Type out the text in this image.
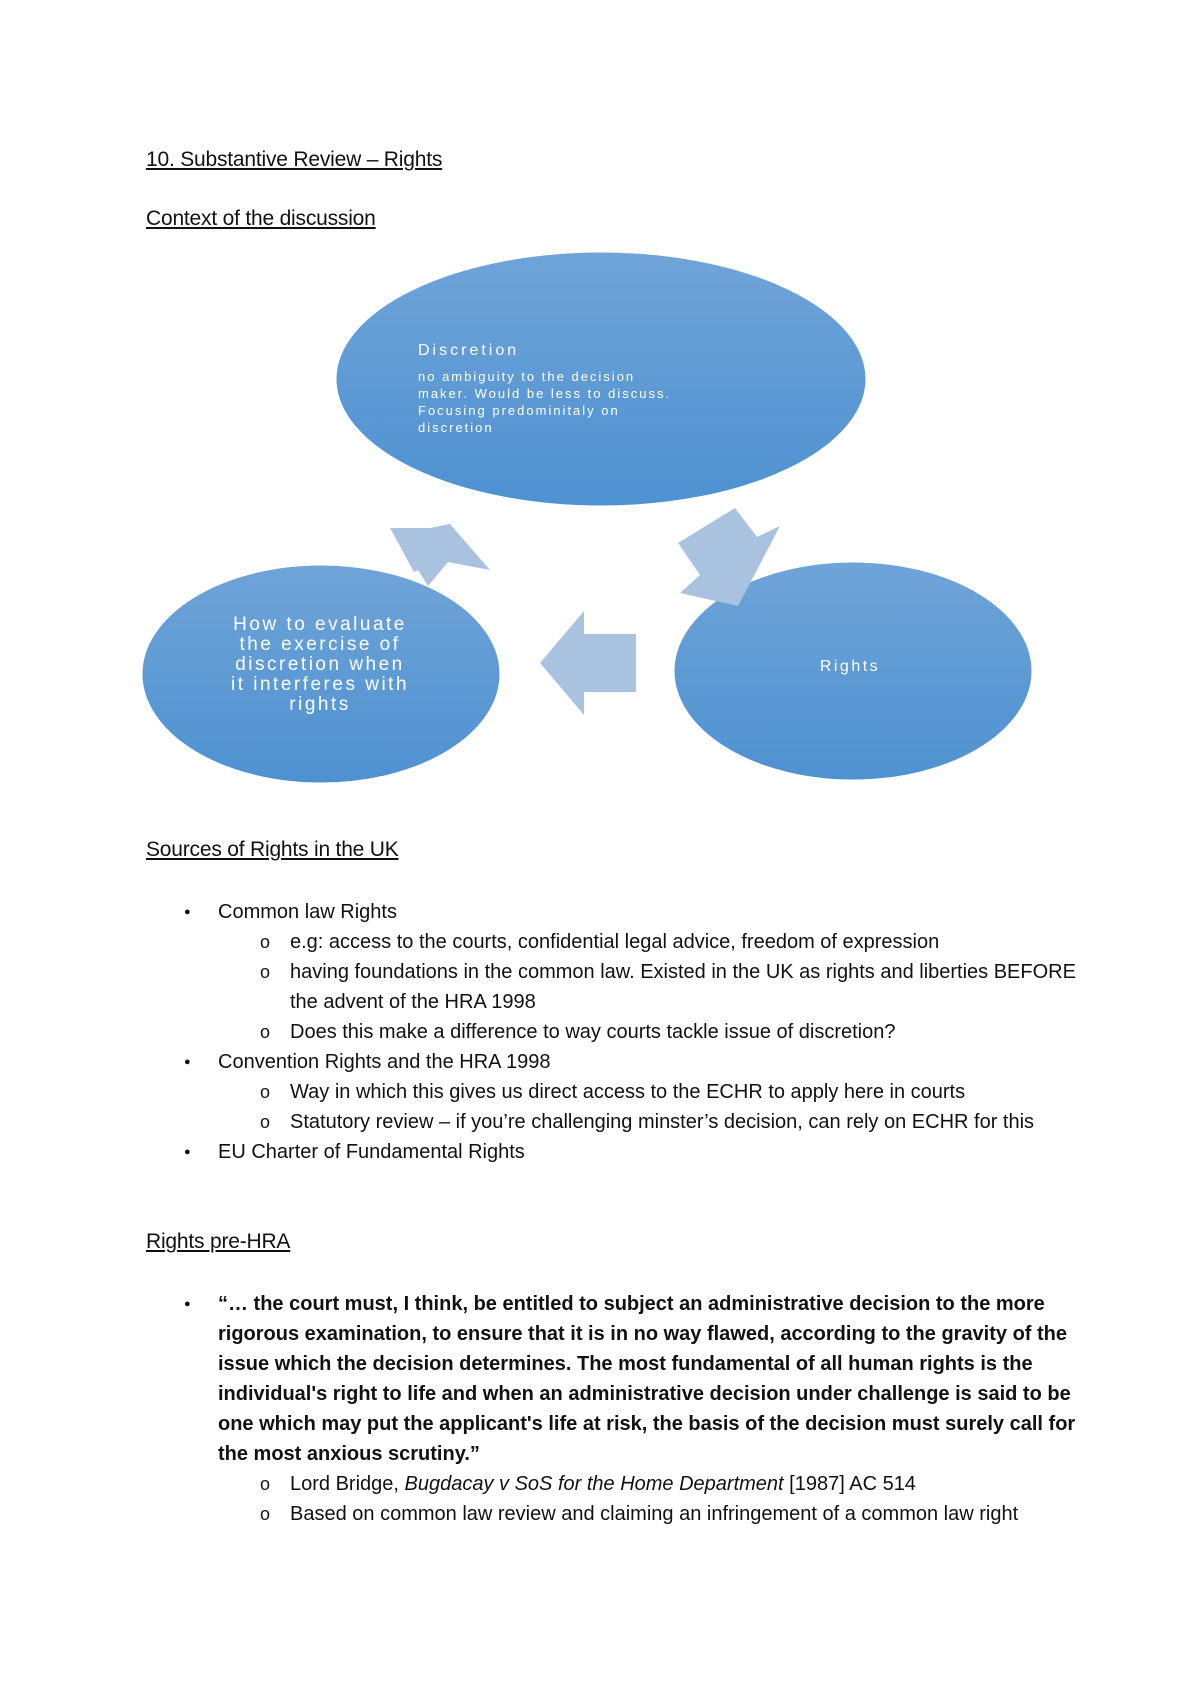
10. Substantive Review – Rights
Context of the discussion
Discretion
no ambiguity to the decision
maker. Would be less to discuss.
Focusing predominitaly on
discretion
Rights
How to evaluate
the exercise of
discretion when
it interferes with
rights
Sources of Rights in the UK
● Common law Rights
o e.g: access to the courts, confidential legal advice, freedom of expression
o having foundations in the common law. Existed in the UK as rights and liberties BEFORE the advent of the HRA 1998
o Does this make a difference to way courts tackle issue of discretion?
● Convention Rights and the HRA 1998
o Way in which this gives us direct access to the ECHR to apply here in courts
o Statutory review – if you’re challenging minster’s decision, can rely on ECHR for this
● EU Charter of Fundamental Rights
Rights pre-HRA
● “… the court must, I think, be entitled to subject an administrative decision to the more rigorous examination, to ensure that it is in no way flawed, according to the gravity of the issue which the decision determines. The most fundamental of all human rights is the individual's right to life and when an administrative decision under challenge is said to be one which may put the applicant's life at risk, the basis of the decision must surely call for the most anxious scrutiny.”
o Lord Bridge, Bugdacay v SoS for the Home Department [1987] AC 514
o Based on common law review and claiming an infringement of a common law right
